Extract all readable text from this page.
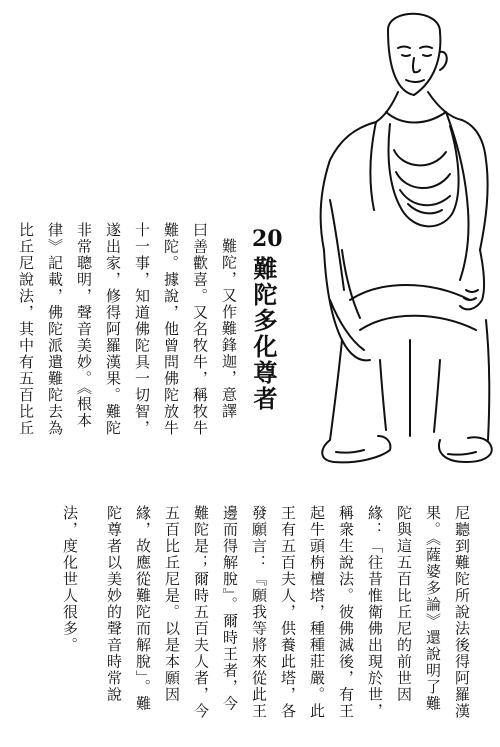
20
難陀多化尊者
難陀，又作難鋒迦，意譯
曰善歡喜。又名牧牛，稱牧牛
難陀。據說，他曾問佛陀放牛
十一事，知道佛陀具一切智，
遂出家，修得阿羅漢果。難陀
非常聰明，聲音美妙。《根本
律》記載，佛陀派遣難陀去為
比丘尼說法，其中有五百比丘
尼聽到難陀所說法後得阿羅漢
果。《薩婆多論》還說明了難
陀與這五百比丘尼的前世因
緣：「往昔惟衛佛出現於世，
稱衆生說法。彼佛滅後，有王
起牛頭栴檀塔，種種莊嚴。此
王有五百夫人，供養此塔，各
發願言：『願我等將來從此王
邊而得解脫』。爾時王者，今
難陀是；爾時五百夫人者，今
五百比丘尼是。以是本願因
緣，故應從難陀而解脫」。難
陀尊者以美妙的聲音時常說
法，度化世人很多。
